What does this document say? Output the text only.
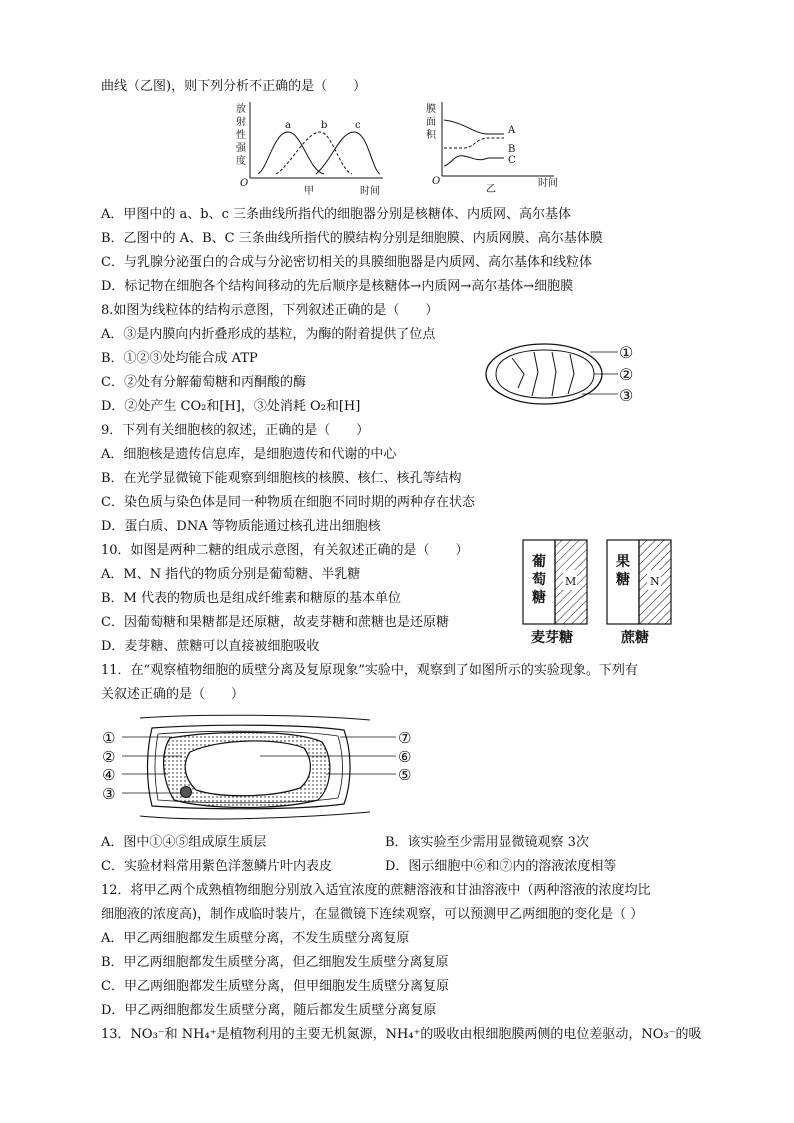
曲线（乙图)，则下列分析不正确的是（　　）
放
射
性
强
度
O
甲	时间
a	b	c
膜
面
积
O
乙
时间
A
B
C
A．甲图中的 a、b、c 三条曲线所指代的细胞器分别是核糖体、内质网、高尔基体
B．乙图中的 A、B、C 三条曲线所指代的膜结构分别是细胞膜、内质网膜、高尔基体膜
C．与乳腺分泌蛋白的合成与分泌密切相关的具膜细胞器是内质网、高尔基体和线粒体
D．标记物在细胞各个结构间移动的先后顺序是核糖体→内质网→高尔基体→细胞膜
8.如图为线粒体的结构示意图，下列叙述正确的是（　　）
A．③是内膜向内折叠形成的基粒，为酶的附着提供了位点
B．①②③处均能合成 ATP
C．②处有分解葡萄糖和丙酮酸的酶
D．②处产生 CO₂和[H]，③处消耗 O₂和[H]
①
②
③
9．下列有关细胞核的叙述，正确的是（　　）
A．细胞核是遗传信息库，是细胞遗传和代谢的中心
B．在光学显微镜下能观察到细胞核的核膜、核仁、核孔等结构
C．染色质与染色体是同一种物质在细胞不同时期的两种存在状态
D．蛋白质、DNA 等物质能通过核孔进出细胞核
10．如图是两种二糖的组成示意图，有关叙述正确的是（　　）
A．M、N 指代的物质分别是葡萄糖、半乳糖
B．M 代表的物质也是组成纤维素和糖原的基本单位
C．因葡萄糖和果糖都是还原糖，故麦芽糖和蔗糖也是还原糖
D．麦芽糖、蔗糖可以直接被细胞吸收
葡
萄
糖
果
糖
麦芽糖	蔗糖
M	N
11．在“观察植物细胞的质壁分离及复原现象”实验中，观察到了如图所示的实验现象。下列有
关叙述正确的是（　　）
①
②
④
③
⑦
⑥
⑤
A．图中①④⑤组成原生质层	B．该实验至少需用显微镜观察 3次
C．实验材料常用紫色洋葱鳞片叶内表皮	D．图示细胞中⑥和⑦内的溶液浓度相等
12．将甲乙两个成熟植物细胞分别放入适宜浓度的蔗糖溶液和甘油溶液中（两种溶液的浓度均比
细胞液的浓度高)，制作成临时装片，在显微镜下连续观察，可以预测甲乙两细胞的变化是（ ）
A．甲乙两细胞都发生质壁分离，不发生质壁分离复原
B．甲乙两细胞都发生质壁分离，但乙细胞发生质壁分离复原
C．甲乙两细胞都发生质壁分离，但甲细胞发生质壁分离复原
D．甲乙两细胞都发生质壁分离，随后都发生质壁分离复原
13．NO₃⁻和 NH₄⁺是植物利用的主要无机氮源，NH₄⁺的吸收由根细胞膜两侧的电位差驱动，NO₃⁻的吸
